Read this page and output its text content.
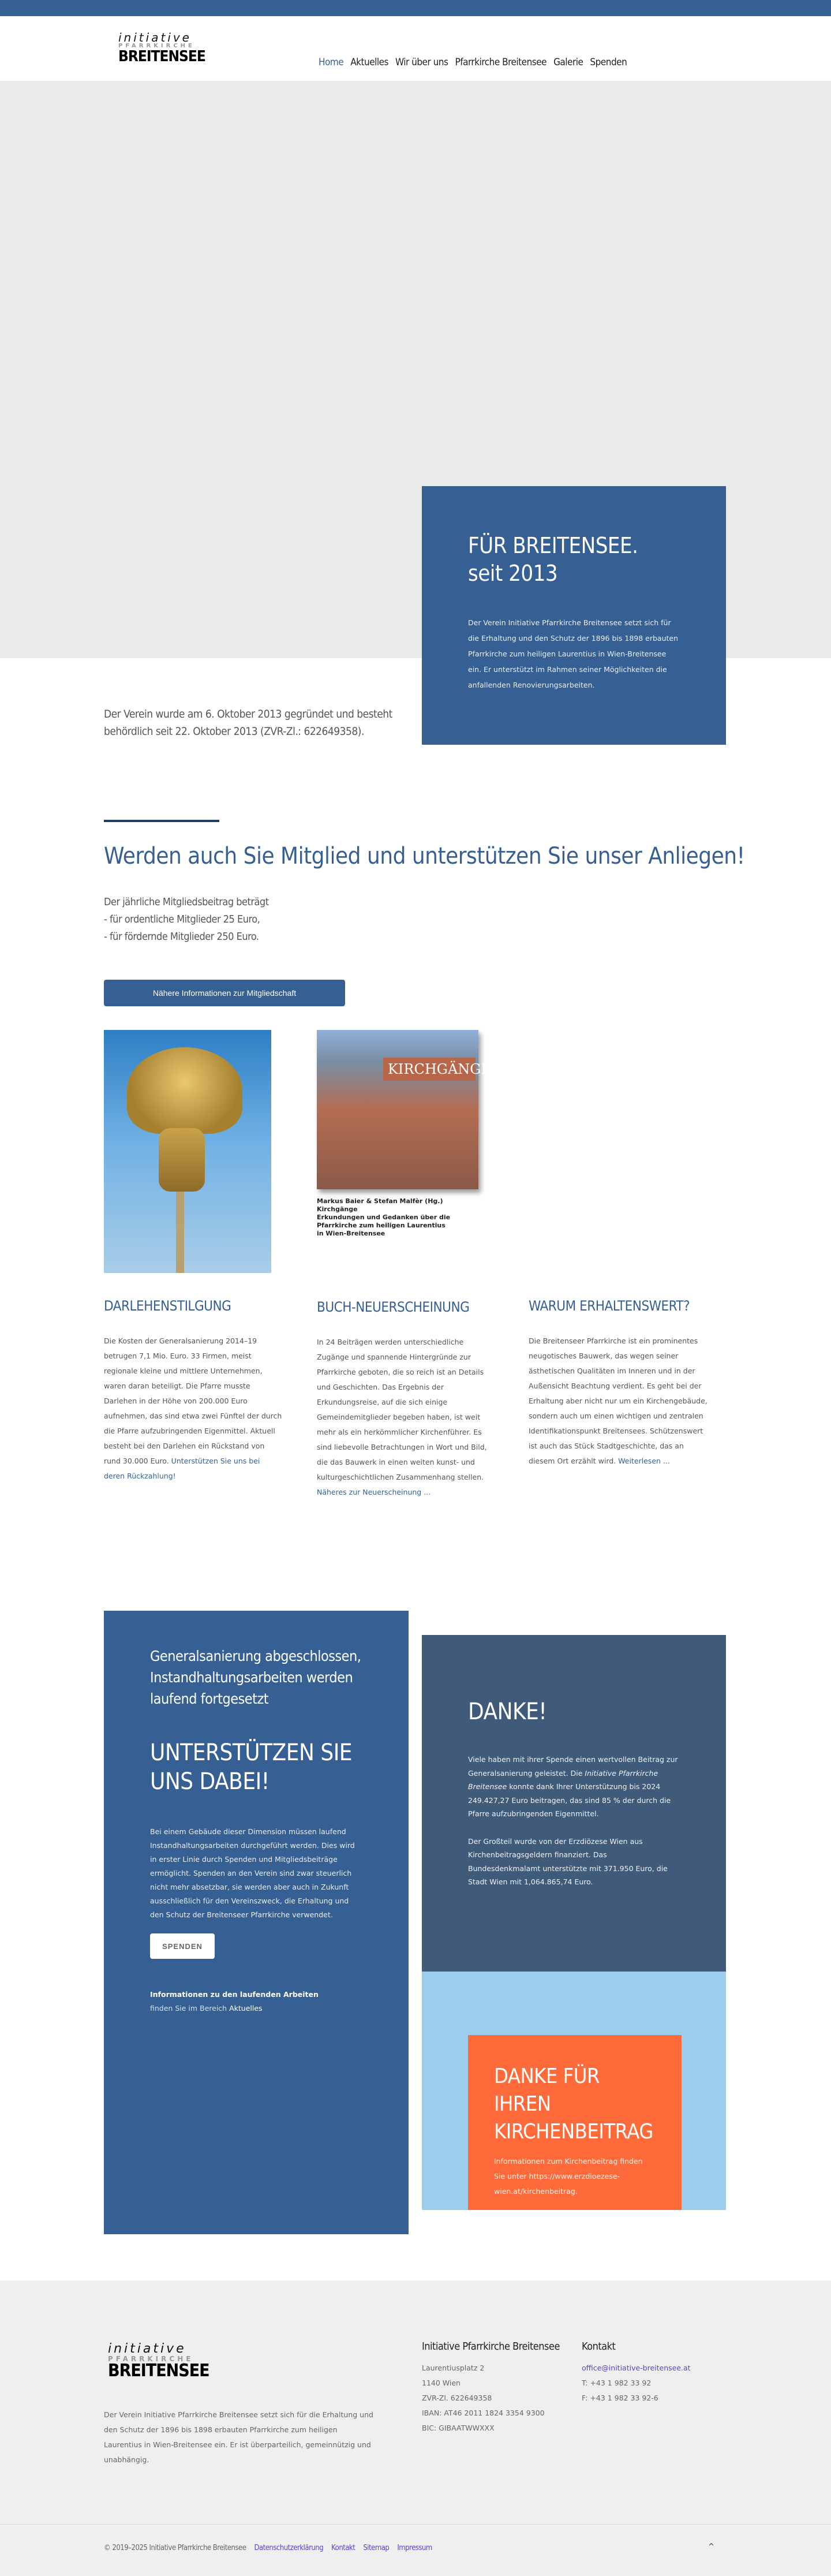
initiative
PFARRKIRCHE
BREITENSEE	Home Aktuelles Wir über uns Pfarrkirche Breitensee Galerie Spenden
FÜR BREITENSEE.
seit 2013

Der Verein Initiative Pfarrkirche Breitensee setzt sich für die Erhaltung und den Schutz der 1896 bis 1898 erbauten Pfarrkirche zum heiligen Laurentius in Wien-Breitensee ein. Er unterstützt im Rahmen seiner Möglichkeiten die anfallenden Renovierungsarbeiten.

Der Verein wurde am 6. Oktober 2013 gegründet und besteht behördlich seit 22. Oktober 2013 (ZVR-Zl.: 622649358).

Werden auch Sie Mitglied und unterstützen Sie unser Anliegen!
Der jährliche Mitgliedsbeitrag beträgt
- für ordentliche Mitglieder 25 Euro,
- für fördernde Mitglieder 250 Euro.
Nähere Informationen zur Mitgliedschaft
KIRCHGÄNGE
Markus Baier & Stefan Malfèr (Hg.)
Kirchgänge
Erkundungen und Gedanken über die
Pfarrkirche zum heiligen Laurentius
in Wien-Breitensee
DARLEHENSTILGUNG

Die Kosten der Generalsanierung 2014–19 betrugen 7,1 Mio. Euro. 33 Firmen, meist regionale kleine und mittlere Unternehmen, waren daran beteiligt. Die Pfarre musste Darlehen in der Höhe von 200.000 Euro aufnehmen, das sind etwa zwei Fünftel der durch die Pfarre aufzubringenden Eigenmittel. Aktuell besteht bei den Darlehen ein Rückstand von rund 30.000 Euro. Unterstützen Sie uns bei deren Rückzahlung!

BUCH-NEUERSCHEINUNG

In 24 Beiträgen werden unterschiedliche Zugänge und spannende Hintergründe zur Pfarrkirche geboten, die so reich ist an Details und Geschichten. Das Ergebnis der Erkundungsreise, auf die sich einige Gemeindemitglieder begeben haben, ist weit mehr als ein herkömmlicher Kirchenführer. Es sind liebevolle Betrachtungen in Wort und Bild, die das Bauwerk in einen weiten kunst- und kulturgeschichtlichen Zusammenhang stellen. Näheres zur Neuerscheinung ...

WARUM ERHALTENSWERT?

Die Breitenseer Pfarrkirche ist ein prominentes neugotisches Bauwerk, das wegen seiner ästhetischen Qualitäten im Inneren und in der Außensicht Beachtung verdient. Es geht bei der Erhaltung aber nicht nur um ein Kirchengebäude, sondern auch um einen wichtigen und zentralen Identifikationspunkt Breitensees. Schützenswert ist auch das Stück Stadtgeschichte, das an diesem Ort erzählt wird. Weiterlesen ...

Generalsanierung abgeschlossen, Instandhaltungsarbeiten werden laufend fortgesetzt
UNTERSTÜTZEN SIE UNS DABEI!

Bei einem Gebäude dieser Dimension müssen laufend Instandhaltungsarbeiten durchgeführt werden. Dies wird in erster Linie durch Spenden und Mitgliedsbeiträge ermöglicht. Spenden an den Verein sind zwar steuerlich nicht mehr absetzbar, sie werden aber auch in Zukunft ausschließlich für den Vereinszweck, die Erhaltung und den Schutz der Breitenseer Pfarrkirche verwendet.

SPENDEN
Informationen zu den laufenden Arbeiten
finden Sie im Bereich Aktuelles
DANKE!

Viele haben mit ihrer Spende einen wertvollen Beitrag zur Generalsanierung geleistet. Die Initiative Pfarrkirche Breitensee konnte dank Ihrer Unterstützung bis 2024 249.427,27 Euro beitragen, das sind 85 % der durch die Pfarre aufzubringenden Eigenmittel.

Der Großteil wurde von der Erzdiözese Wien aus Kirchenbeitragsgeldern finanziert. Das Bundesdenkmalamt unterstützte mit 371.950 Euro, die Stadt Wien mit 1,064.865,74 Euro.

DANKE FÜR IHREN KIRCHENBEITRAG

Informationen zum Kirchenbeitrag finden Sie unter https://www.erzdioezese-wien.at/kirchenbeitrag.

initiative
PFARRKIRCHE
BREITENSEE

Der Verein Initiative Pfarrkirche Breitensee setzt sich für die Erhaltung und den Schutz der 1896 bis 1898 erbauten Pfarrkirche zum heiligen Laurentius in Wien-Breitensee ein. Er ist überparteilich, gemeinnützig und unabhängig.

Initiative Pfarrkirche Breitensee
Laurentiusplatz 2
1140 Wien
ZVR-Zl. 622649358
IBAN: AT46 2011 1824 3354 9300
BIC: GIBAATWWXXX
Kontakt
office@initiative-breitensee.at
T: +43 1 982 33 92
F: +43 1 982 33 92-6
© 2019–2025 Initiative Pfarrkirche Breitensee Datenschutzerklärung Kontakt Sitemap Impressum	⌃
